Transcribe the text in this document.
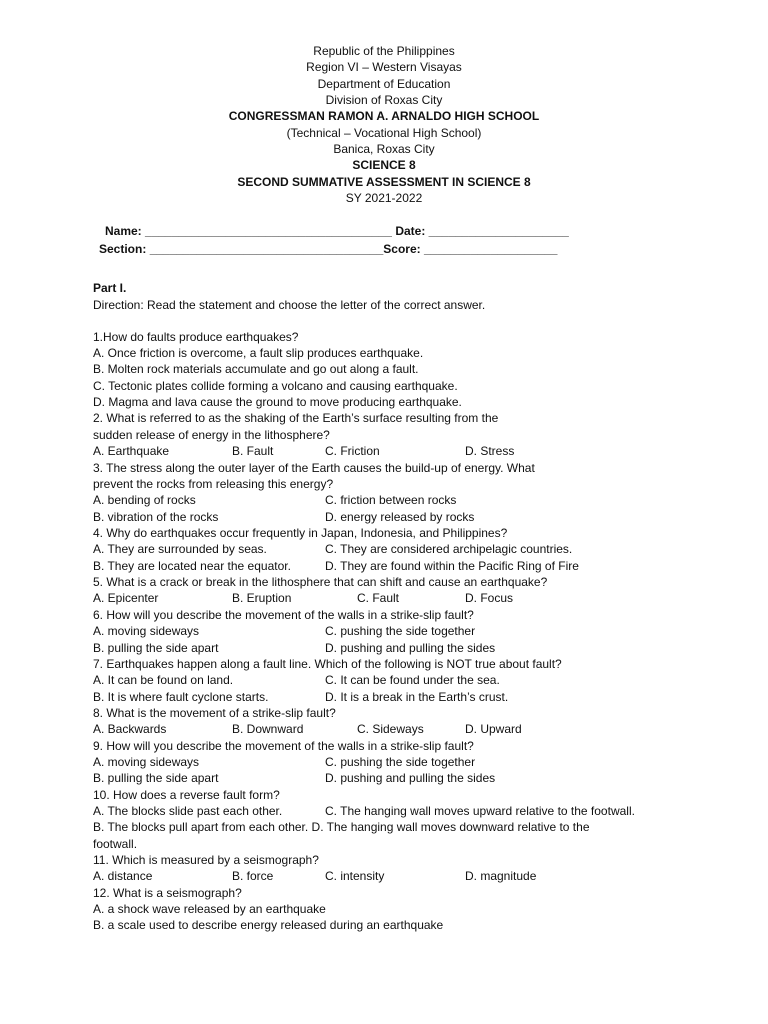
Republic of the Philippines
Region VI – Western Visayas
Department of Education
Division of Roxas City
CONGRESSMAN RAMON A. ARNALDO HIGH SCHOOL
(Technical – Vocational High School)
Banica, Roxas City
SCIENCE 8
SECOND SUMMATIVE ASSESSMENT IN SCIENCE 8
SY 2021-2022
Name: _____________________________________ Date: _____________________
Section: ___________________________________Score: ____________________
Part I.
Direction: Read the statement and choose the letter of the correct answer.
1.How do faults produce earthquakes?
A. Once friction is overcome, a fault slip produces earthquake.
B. Molten rock materials accumulate and go out along a fault.
C. Tectonic plates collide forming a volcano and causing earthquake.
D. Magma and lava cause the ground to move producing earthquake.
2. What is referred to as the shaking of the Earth’s surface resulting from the
sudden release of energy in the lithosphere?
A. Earthquake	B. Fault	C. Friction	D. Stress
3. The stress along the outer layer of the Earth causes the build-up of energy. What
prevent the rocks from releasing this energy?
A. bending of rocks	C. friction between rocks
B. vibration of the rocks	D. energy released by rocks
4. Why do earthquakes occur frequently in Japan, Indonesia, and Philippines?
A. They are surrounded by seas.	C. They are considered archipelagic countries.
B. They are located near the equator.	D. They are found within the Pacific Ring of Fire
5. What is a crack or break in the lithosphere that can shift and cause an earthquake?
A. Epicenter	B. Eruption	C. Fault	D. Focus
6. How will you describe the movement of the walls in a strike-slip fault?
A. moving sideways	C. pushing the side together
B. pulling the side apart	D. pushing and pulling the sides
7. Earthquakes happen along a fault line. Which of the following is NOT true about fault?
A. It can be found on land.	C. It can be found under the sea.
B. It is where fault cyclone starts.	D. It is a break in the Earth’s crust.
8. What is the movement of a strike-slip fault?
A. Backwards	B. Downward	C. Sideways	D. Upward
9. How will you describe the movement of the walls in a strike-slip fault?
A. moving sideways	C. pushing the side together
B. pulling the side apart	D. pushing and pulling the sides
10. How does a reverse fault form?
A. The blocks slide past each other.	C. The hanging wall moves upward relative to the footwall.
B. The blocks pull apart from each other. D. The hanging wall moves downward relative to the
footwall.
11. Which is measured by a seismograph?
A. distance	B. force	C. intensity	D. magnitude
12. What is a seismograph?
A. a shock wave released by an earthquake
B. a scale used to describe energy released during an earthquake
